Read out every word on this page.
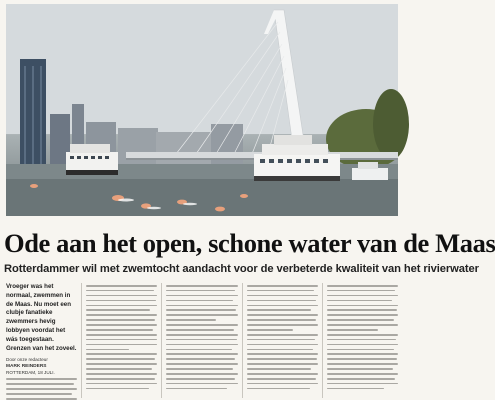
Ode aan het open, schone water van de Maas
Rotterdammer wil met zwemtocht aandacht voor de verbeterde kwaliteit van het rivierwater
Vroeger was het normaal, zwemmen in de Maas. Nu moet een clubje fanatieke zwemmers hevig lobbyen voordat het wás toegestaan. Grenzen van het zoveel.
Door onze redacteur
MARK REINDERS
ROTTERDAM, 18 JULI.
